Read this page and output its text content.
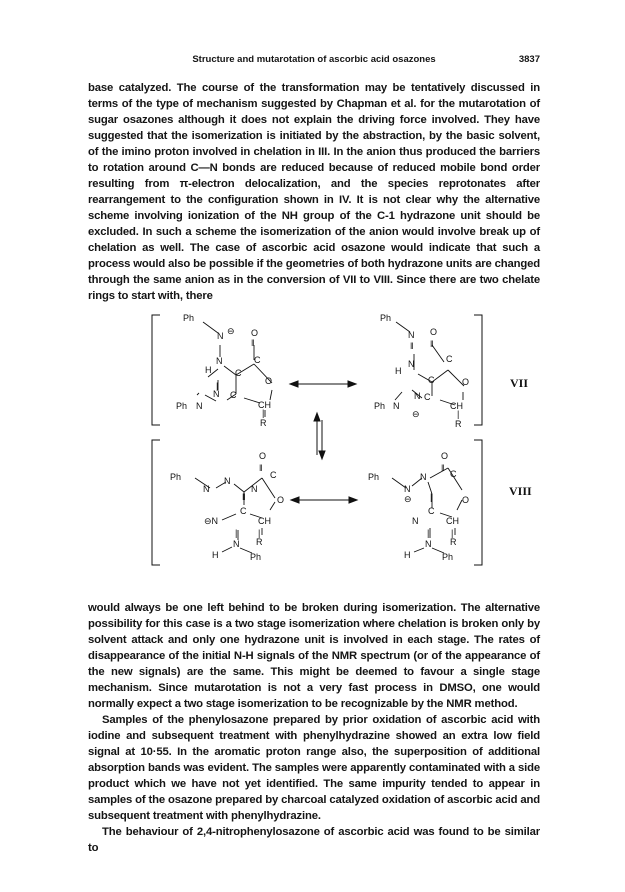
Structure and mutarotation of ascorbic acid osazones	3837

base catalyzed. The course of the transformation may be tentatively discussed in terms of the type of mechanism suggested by Chapman et al. for the mutarotation of sugar osazones although it does not explain the driving force involved. They have suggested that the isomerization is initiated by the abstraction, by the basic solvent, of the imino proton involved in chelation in III. In the anion thus produced the barriers to rotation around C—N bonds are reduced because of reduced mobile bond order resulting from π-electron delocalization, and the species reprotonates after rearrangement to the configuration shown in IV. It is not clear why the alternative scheme involving ionization of the NH group of the C-1 hydrazone unit should be excluded. In such a scheme the isomerization of the anion would involve break up of chelation as well. The case of ascorbic acid osazone would indicate that such a process would also be possible if the geometries of both hydrazone units are changed through the same anion as in the conversion of VII to VIII. Since there are two chelate rings to start with, there

Ph
N ⊖ O
‖
N
H
C
C
O
|
N
Ph N
C
CH
|
R
Ph
N
‖
O
‖
N
H
C
C	O
N
Ph N
C
CH
⊖	|
R
VII
VIII
Ph
N
N
N
O
‖
C
‖	O
C
⊖N	CH
| |
R
N
H	Ph
Ph
N
⊖
N
O
‖
C
|	O
C
N	CH
| |
R
N
H	Ph

would always be one left behind to be broken during isomerization. The alternative possibility for this case is a two stage isomerization where chelation is broken only by solvent attack and only one hydrazone unit is involved in each stage. The rates of disappearance of the initial N-H signals of the NMR spectrum (or of the appearance of the new signals) are the same. This might be deemed to favour a single stage mechanism. Since mutarotation is not a very fast process in DMSO, one would normally expect a two stage isomerization to be recognizable by the NMR method.

Samples of the phenylosazone prepared by prior oxidation of ascorbic acid with iodine and subsequent treatment with phenylhydrazine showed an extra low field signal at 10·55. In the aromatic proton range also, the superposition of additional absorption bands was evident. The samples were apparently contaminated with a side product which we have not yet identified. The same impurity tended to appear in samples of the osazone prepared by charcoal catalyzed oxidation of ascorbic acid and subsequent treatment with phenylhydrazine.

The behaviour of 2,4-nitrophenylosazone of ascorbic acid was found to be similar to
